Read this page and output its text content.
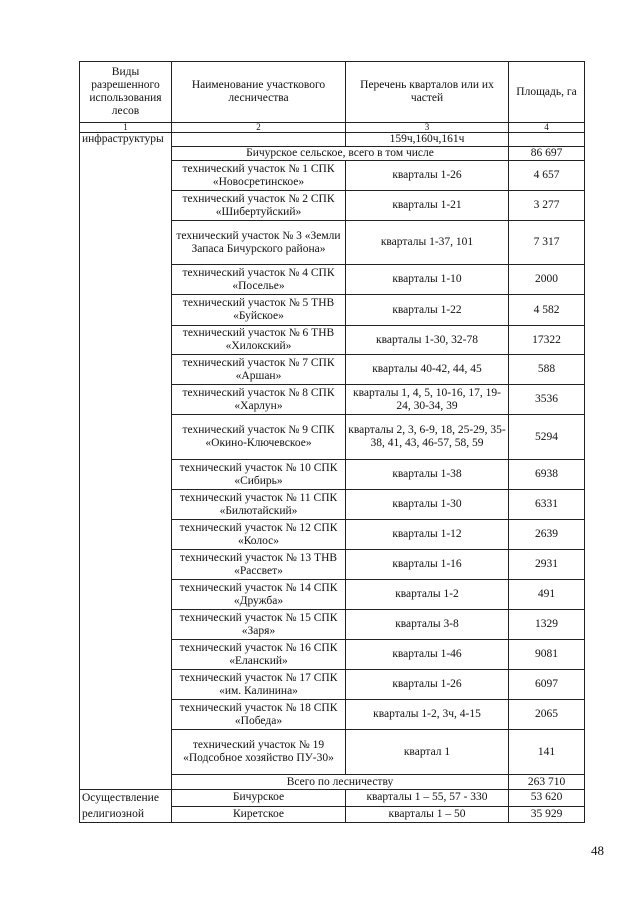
Виды разрешенного использования лесов	Наименование участкового лесничества	Перечень кварталов или их частей	Площадь, га
1	2	3	4
инфраструктуры		159ч,160ч,161ч	
	Бичурское сельское, всего в том числе		86 697
	технический участок № 1 СПК «Новосретинское»	кварталы 1-26	4 657
	технический участок № 2 СПК «Шибертуйский»	кварталы 1-21	3 277
	технический участок № 3 «Земли Запаса Бичурского района»	кварталы 1-37, 101	7 317
	технический участок № 4 СПК «Поселье»	кварталы 1-10	2000
	технический участок № 5 ТНВ «Буйское»	кварталы 1-22	4 582
	технический участок № 6 ТНВ «Хилокский»	кварталы 1-30, 32-78	17322
	технический участок № 7 СПК «Аршан»	кварталы 40-42, 44, 45	588
	технический участок № 8 СПК «Харлун»	кварталы 1, 4, 5, 10-16, 17, 19-24, 30-34, 39	3536
	технический участок № 9 СПК «Окино-Ключевское»	кварталы 2, 3, 6-9, 18, 25-29, 35-38, 41, 43, 46-57, 58, 59	5294
	технический участок № 10 СПК «Сибирь»	кварталы 1-38	6938
	технический участок № 11 СПК «Билютайский»	кварталы 1-30	6331
	технический участок № 12 СПК «Колос»	кварталы 1-12	2639
	технический участок № 13 ТНВ «Рассвет»	кварталы 1-16	2931
	технический участок № 14 СПК «Дружба»	кварталы 1-2	491
	технический участок № 15 СПК «Заря»	кварталы 3-8	1329
	технический участок № 16 СПК «Еланский»	кварталы 1-46	9081
	технический участок № 17 СПК «им. Калинина»	кварталы 1-26	6097
	технический участок № 18 СПК «Победа»	кварталы 1-2, 3ч, 4-15	2065
	технический участок № 19 «Подсобное хозяйство ПУ-30»	квартал 1	141
	Всего по лесничеству		263 710
Осуществление религиозной	Бичурское	кварталы 1 – 55, 57 - 330	53 620
	Киретское	кварталы 1 – 50	35 929
48
